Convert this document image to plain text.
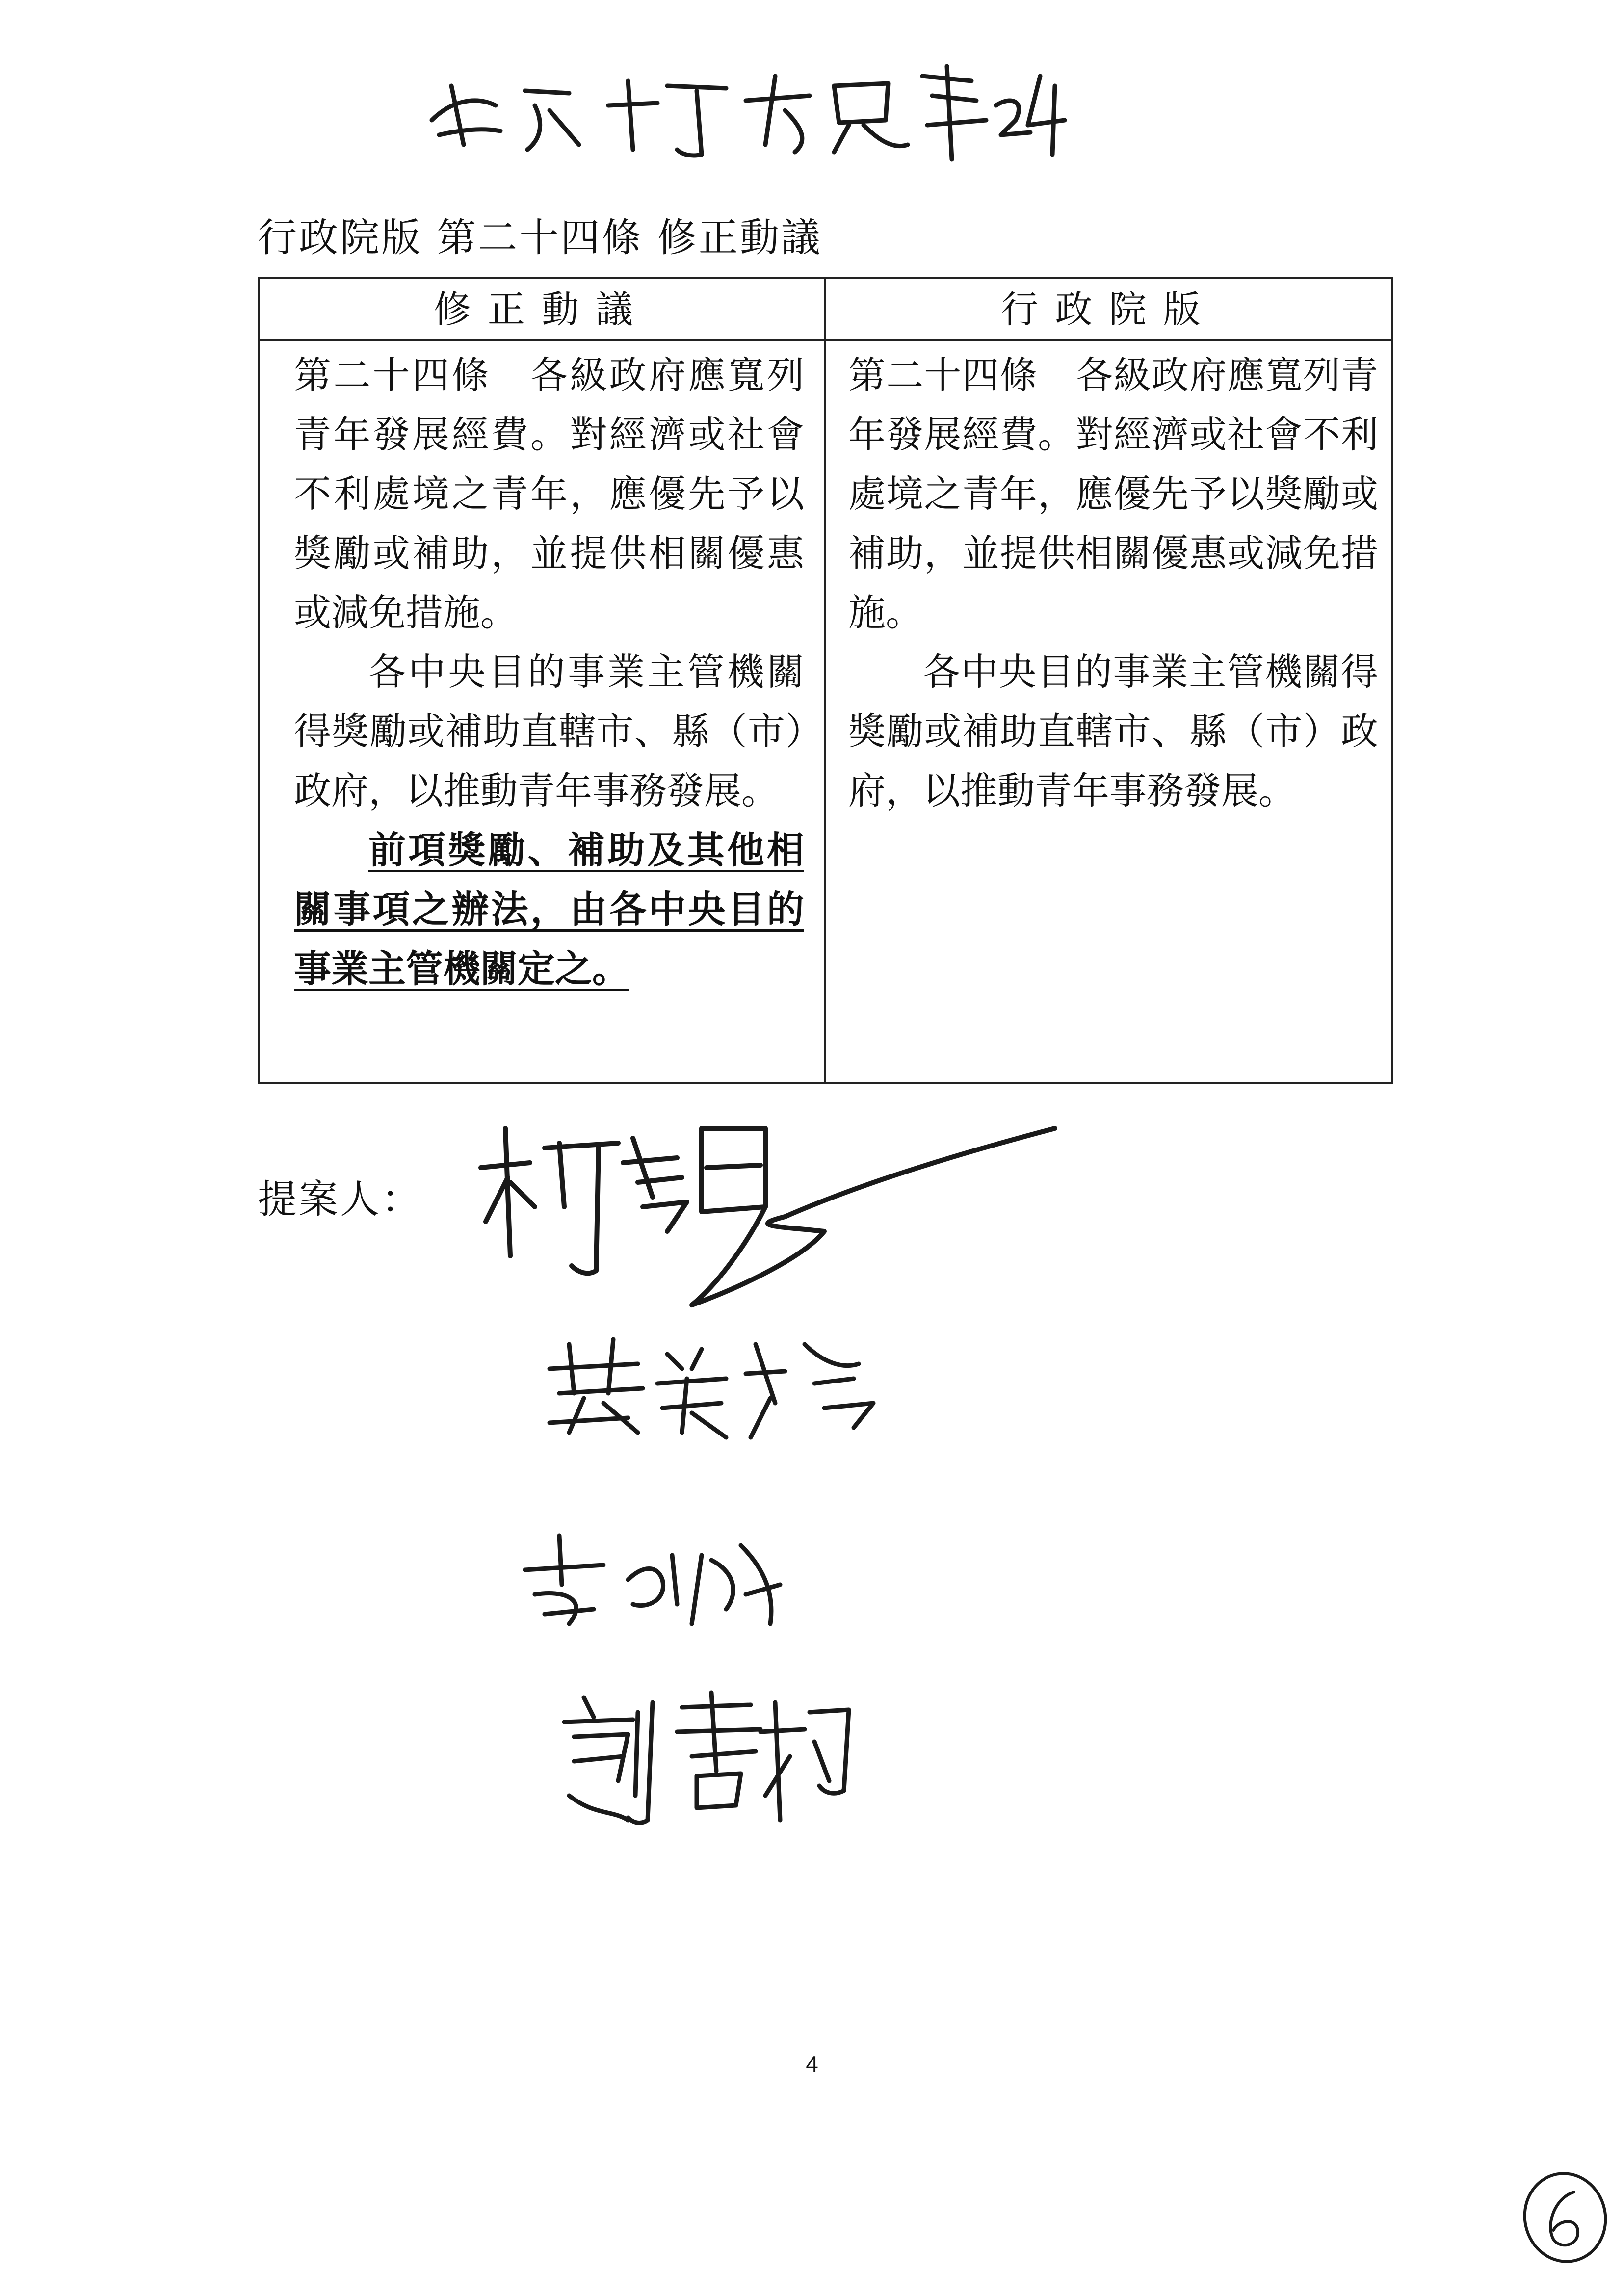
行政院版 第二十四條 修正動議
修正動議	行政院版

第二十四條　各級政府應寬列青年發展經費。對經濟或社會不利處境之青年，應優先予以獎勵或補助，並提供相關優惠或減免措施。

各中央目的事業主管機關得獎勵或補助直轄市、縣（市）政府，以推動青年事務發展。

前項獎勵、補助及其他相關事項之辦法，由各中央目的事業主管機關定之。

第二十四條　各級政府應寬列青年發展經費。對經濟或社會不利處境之青年，應優先予以獎勵或補助，並提供相關優惠或減免措施。

各中央目的事業主管機關得獎勵或補助直轄市、縣（市）政府，以推動青年事務發展。

提案人：
4
